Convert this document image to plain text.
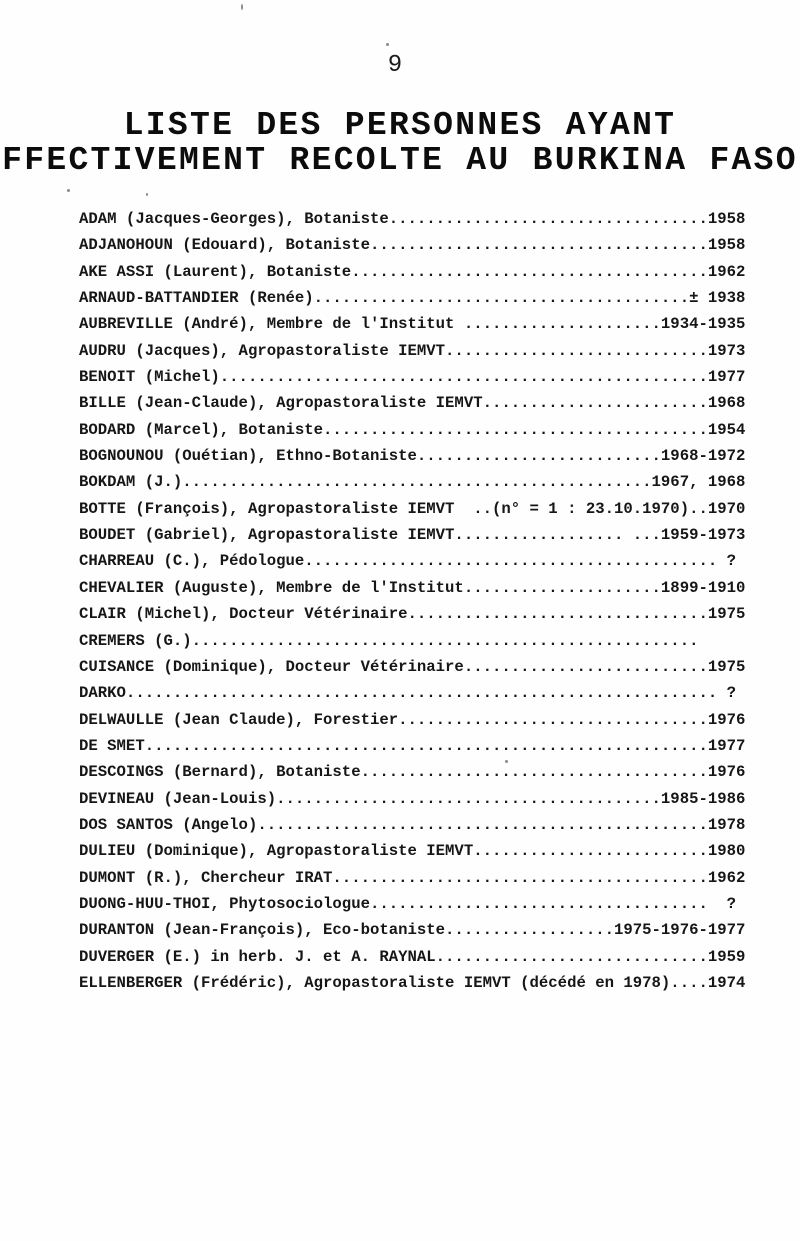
9
LISTE DES PERSONNES AYANT
FFECTIVEMENT RECOLTE AU BURKINA FASO
ADAM (Jacques-Georges), Botaniste..................................1958
ADJANOHOUN (Edouard), Botaniste....................................1958
AKE ASSI (Laurent), Botaniste......................................1962
ARNAUD-BATTANDIER (Renée)........................................± 1938
AUBREVILLE (André), Membre de l'Institut .....................1934-1935
AUDRU (Jacques), Agropastoraliste IEMVT............................1973
BENOIT (Michel)....................................................1977
BILLE (Jean-Claude), Agropastoraliste IEMVT........................1968
BODARD (Marcel), Botaniste.........................................1954
BOGNOUNOU (Ouétian), Ethno-Botaniste..........................1968-1972
BOKDAM (J.)..................................................1967, 1968
BOTTE (François), Agropastoraliste IEMVT  ..(n° = 1 : 23.10.1970)..1970
BOUDET (Gabriel), Agropastoraliste IEMVT.................. ...1959-1973
CHARREAU (C.), Pédologue............................................ ?
CHEVALIER (Auguste), Membre de l'Institut.....................1899-1910
CLAIR (Michel), Docteur Vétérinaire................................1975
CREMERS (G.)......................................................
CUISANCE (Dominique), Docteur Vétérinaire..........................1975
DARKO............................................................... ?
DELWAULLE (Jean Claude), Forestier.................................1976
DE SMET............................................................1977
DESCOINGS (Bernard), Botaniste.....................................1976
DEVINEAU (Jean-Louis).........................................1985-1986
DOS SANTOS (Angelo)................................................1978
DULIEU (Dominique), Agropastoraliste IEMVT.........................1980
DUMONT (R.), Chercheur IRAT........................................1962
DUONG-HUU-THOI, Phytosociologue....................................  ?
DURANTON (Jean-François), Eco-botaniste..................1975-1976-1977
DUVERGER (E.) in herb. J. et A. RAYNAL.............................1959
ELLENBERGER (Frédéric), Agropastoraliste IEMVT (décédé en 1978)....1974
